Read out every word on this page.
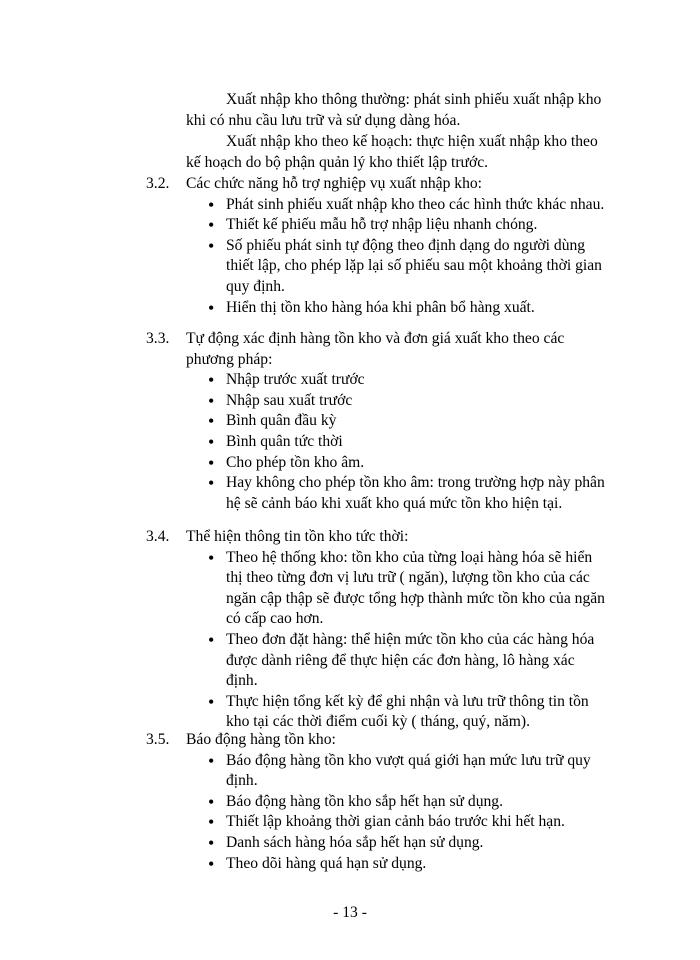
Xuất nhập kho thông thường: phát sinh phiếu xuất nhập kho khi có nhu cầu lưu trữ và sử dụng dàng hóa.

Xuất nhập kho theo kế hoạch: thực hiện xuất nhập kho theo kế hoạch do bộ phận quản lý kho thiết lập trước.

3.2.	Các chức năng hỗ trợ nghiệp vụ xuất nhập kho:
• Phát sinh phiếu xuất nhập kho theo các hình thức khác nhau.
• Thiết kế phiếu mẫu hỗ trợ nhập liệu nhanh chóng.
• Số phiếu phát sinh tự động theo định dạng do người dùng thiết lập, cho phép lặp lại số phiếu sau một khoảng thời gian quy định.
• Hiển thị tồn kho hàng hóa khi phân bổ hàng xuất.
3.3.	Tự động xác định hàng tồn kho và đơn giá xuất kho theo các phương pháp:
• Nhập trước xuất trước
• Nhập sau xuất trước
• Bình quân đầu kỳ
• Bình quân tức thời
• Cho phép tồn kho âm.
• Hay không cho phép tồn kho âm: trong trường hợp này phân hệ sẽ cảnh báo khi xuất kho quá mức tồn kho hiện tại.
3.4.	Thể hiện thông tin tồn kho tức thời:
• Theo hệ thống kho: tồn kho của từng loại hàng hóa sẽ hiển thị theo từng đơn vị lưu trữ ( ngăn), lượng tồn kho của các ngăn cập thập sẽ được tổng hợp thành mức tồn kho của ngăn có cấp cao hơn.
• Theo đơn đặt hàng: thể hiện mức tồn kho của các hàng hóa được dành riêng để thực hiện các đơn hàng, lô hàng xác định.
• Thực hiện tổng kết kỳ để ghi nhận và lưu trữ thông tin tồn kho tại các thời điểm cuối kỳ ( tháng, quý, năm).
3.5.	Báo động hàng tồn kho:
• Báo động hàng tồn kho vượt quá giới hạn mức lưu trữ quy định.
• Báo động hàng tồn kho sắp hết hạn sử dụng.
• Thiết lập khoảng thời gian cảnh báo trước khi hết hạn.
• Danh sách hàng hóa sắp hết hạn sử dụng.
• Theo dõi hàng quá hạn sử dụng.
- 13 -
